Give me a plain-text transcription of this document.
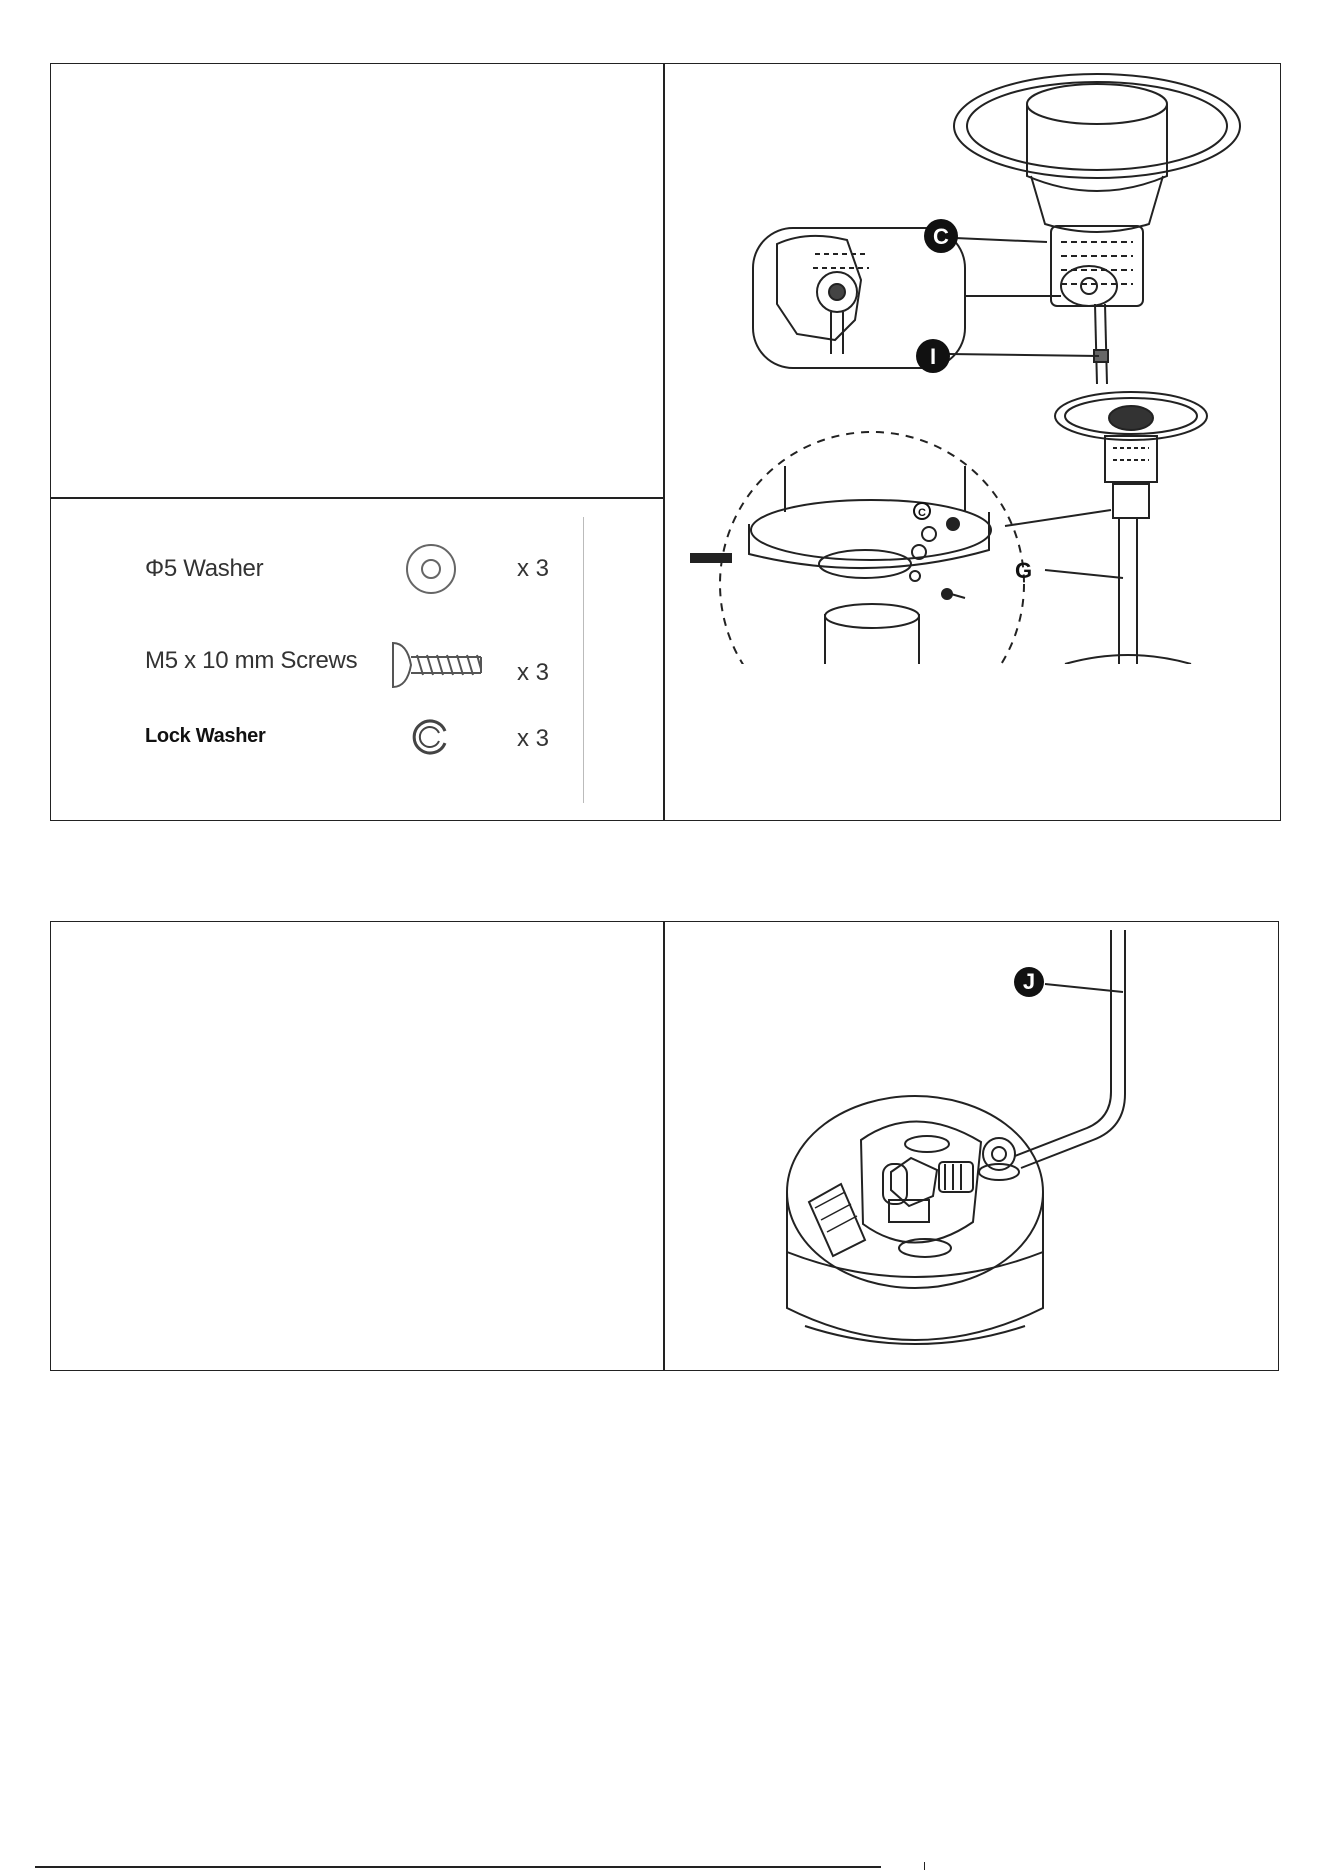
Φ5 Washer	x 3
M5 x 10 mm Screws	x 3
Lock Washer	x 3
C
I
C
G
J
